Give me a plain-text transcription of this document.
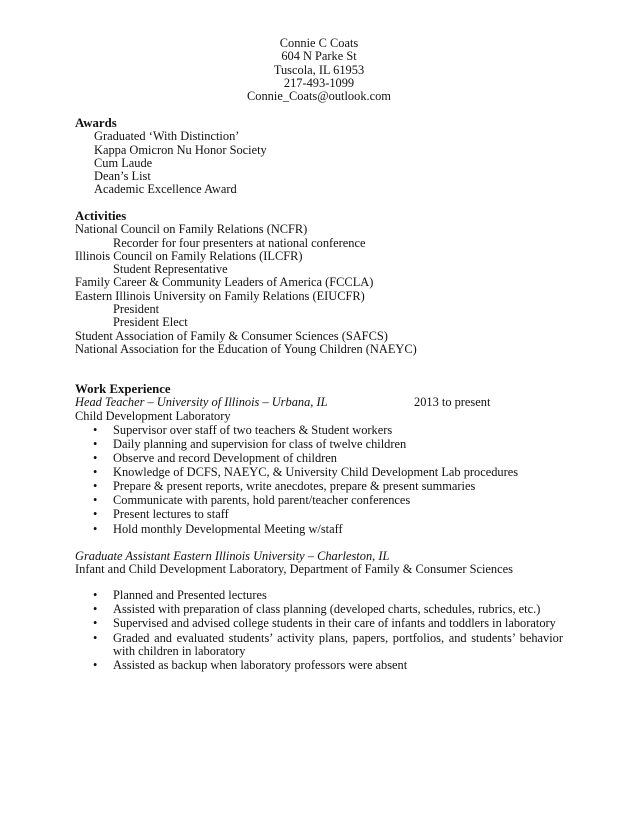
Connie C Coats
604 N Parke St
Tuscola, IL 61953
217-493-1099
Connie_Coats@outlook.com
Awards
Graduated ‘With Distinction’
Kappa Omicron Nu Honor Society
Cum Laude
Dean’s List
Academic Excellence Award
Activities
National Council on Family Relations (NCFR)
Recorder for four presenters at national conference
Illinois Council on Family Relations (ILCFR)
Student Representative
Family Career & Community Leaders of America (FCCLA)
Eastern Illinois University on Family Relations (EIUCFR)
President
President Elect
Student Association of Family & Consumer Sciences (SAFCS)
National Association for the Education of Young Children (NAEYC)
Work Experience
Head Teacher – University of Illinois – Urbana, IL	2013 to present
Child Development Laboratory
• Supervisor over staff of two teachers & Student workers
• Daily planning and supervision for class of twelve children
• Observe and record Development of children
• Knowledge of DCFS, NAEYC, & University Child Development Lab procedures
• Prepare & present reports, write anecdotes, prepare & present summaries
• Communicate with parents, hold parent/teacher conferences
• Present lectures to staff
• Hold monthly Developmental Meeting w/staff
Graduate Assistant Eastern Illinois University – Charleston, IL
Infant and Child Development Laboratory, Department of Family & Consumer Sciences
• Planned and Presented lectures
• Assisted with preparation of class planning (developed charts, schedules, rubrics, etc.)
• Supervised and advised college students in their care of infants and toddlers in laboratory
• Graded and evaluated students’ activity plans, papers, portfolios, and students’ behavior with children in laboratory
• Assisted as backup when laboratory professors were absent
